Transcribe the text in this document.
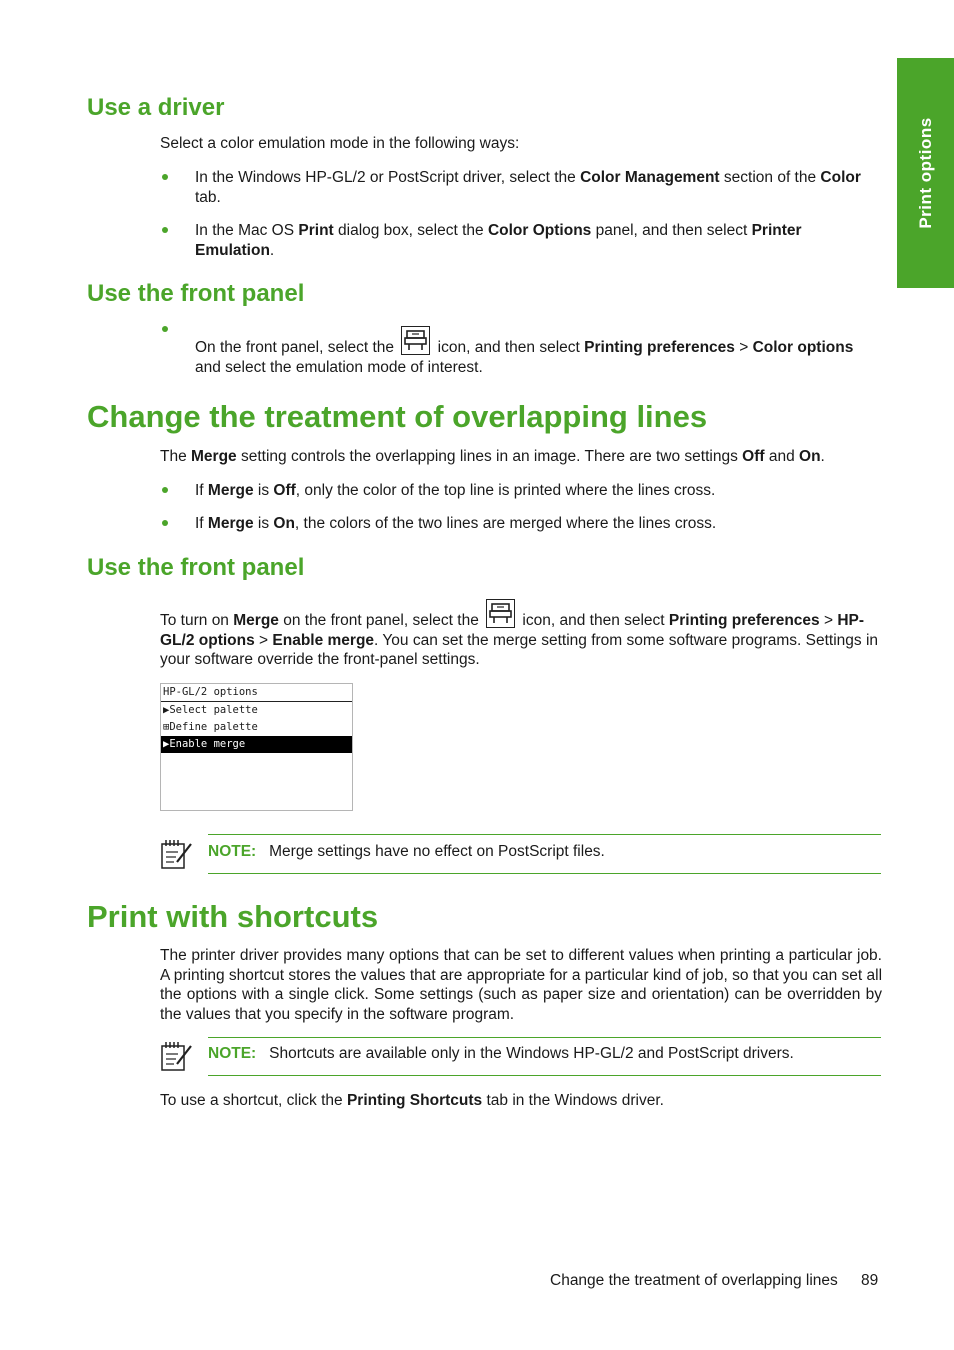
Print options
Use a driver

Select a color emulation mode in the following ways:

In the Windows HP-GL/2 or PostScript driver, select the Color Management section of the Color tab.

In the Mac OS Print dialog box, select the Color Options panel, and then select Printer Emulation.

Use the front panel

On the front panel, select the
icon, and then select Printing preferences > Color options and select the emulation mode of interest.

Change the treatment of overlapping lines

The Merge setting controls the overlapping lines in an image. There are two settings Off and On.

If Merge is Off, only the color of the top line is printed where the lines cross.

If Merge is On, the colors of the two lines are merged where the lines cross.

Use the front panel

To turn on Merge on the front panel, select the
icon, and then select Printing preferences > HP-GL/2 options > Enable merge. You can set the merge setting from some software programs. Settings in your software override the front-panel settings.

HP-GL/2 options
▶Select palette
⊞Define palette
▶Enable merge

NOTE: Merge settings have no effect on PostScript files.

Print with shortcuts

The printer driver provides many options that can be set to different values when printing a particular job. A printing shortcut stores the values that are appropriate for a particular kind of job, so that you can set all the options with a single click. Some settings (such as paper size and orientation) can be overridden by the values that you specify in the software program.

NOTE: Shortcuts are available only in the Windows HP-GL/2 and PostScript drivers.

To use a shortcut, click the Printing Shortcuts tab in the Windows driver.

Change the treatment of overlapping lines 89
